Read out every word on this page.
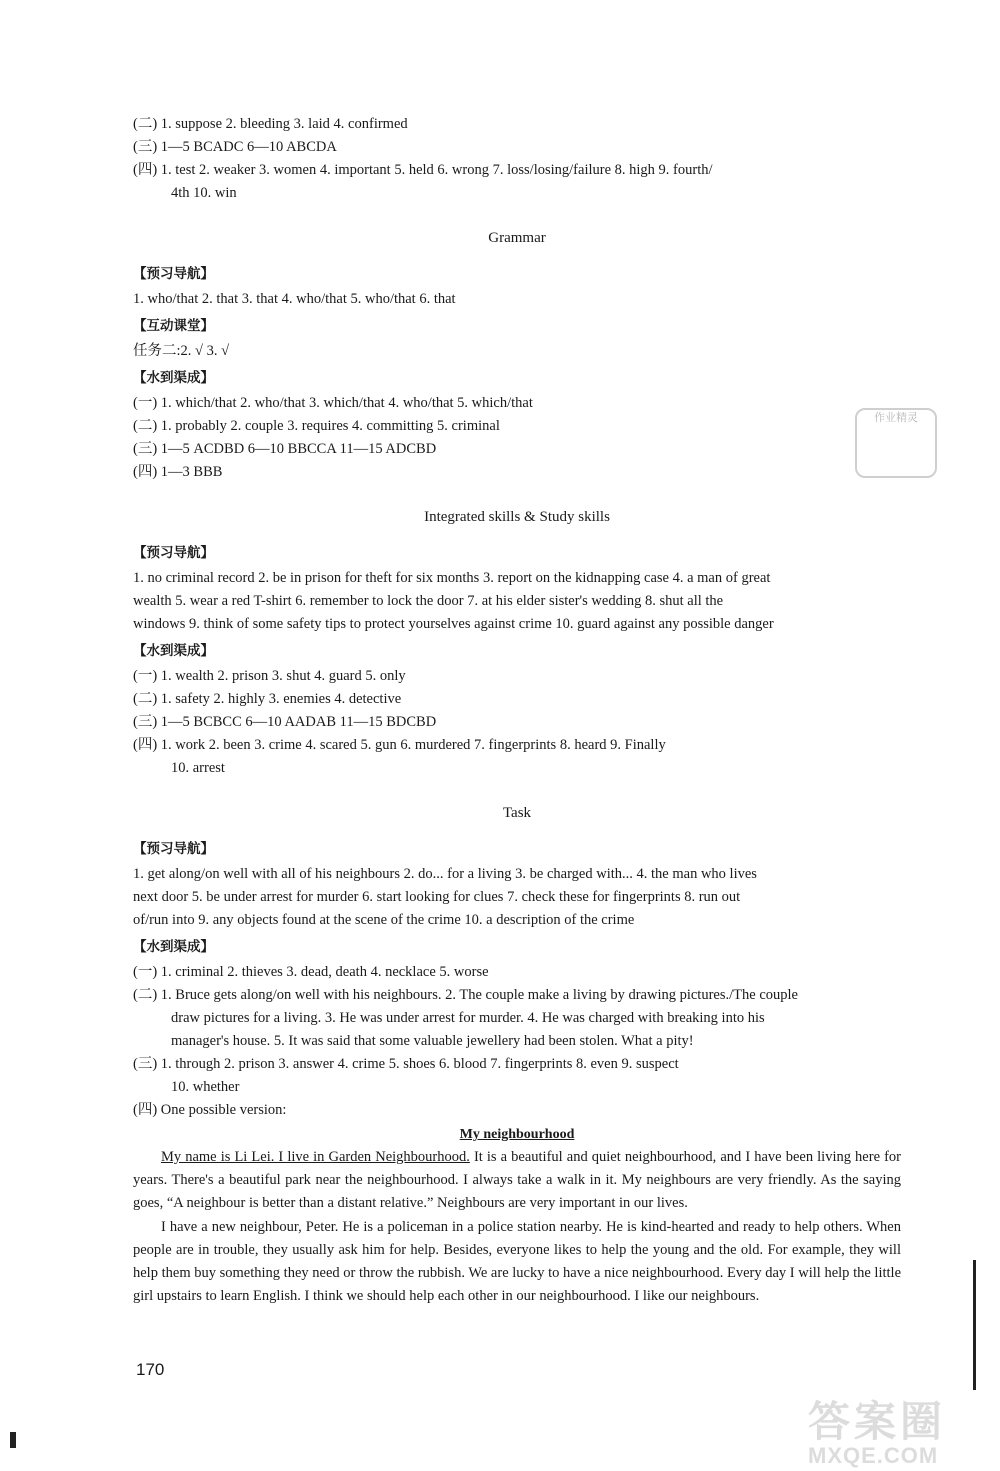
(二) 1. suppose 2. bleeding 3. laid 4. confirmed
(三) 1—5 BCADC 6—10 ABCDA
(四) 1. test 2. weaker 3. women 4. important 5. held 6. wrong 7. loss/losing/failure 8. high 9. fourth/
4th 10. win
Grammar
【预习导航】
1. who/that 2. that 3. that 4. who/that 5. who/that 6. that
【互动课堂】
任务二:2. √ 3. √
【水到渠成】
(一) 1. which/that 2. who/that 3. which/that 4. who/that 5. which/that
(二) 1. probably 2. couple 3. requires 4. committing 5. criminal
(三) 1—5 ACDBD 6—10 BBCCA 11—15 ADCBD
(四) 1—3 BBB
Integrated skills & Study skills
【预习导航】
1. no criminal record 2. be in prison for theft for six months 3. report on the kidnapping case 4. a man of great
wealth 5. wear a red T-shirt 6. remember to lock the door 7. at his elder sister's wedding 8. shut all the
windows 9. think of some safety tips to protect yourselves against crime 10. guard against any possible danger
【水到渠成】
(一) 1. wealth 2. prison 3. shut 4. guard 5. only
(二) 1. safety 2. highly 3. enemies 4. detective
(三) 1—5 BCBCC 6—10 AADAB 11—15 BDCBD
(四) 1. work 2. been 3. crime 4. scared 5. gun 6. murdered 7. fingerprints 8. heard 9. Finally
10. arrest
Task
【预习导航】
1. get along/on well with all of his neighbours 2. do... for a living 3. be charged with... 4. the man who lives
next door 5. be under arrest for murder 6. start looking for clues 7. check these for fingerprints 8. run out
of/run into 9. any objects found at the scene of the crime 10. a description of the crime
【水到渠成】
(一) 1. criminal 2. thieves 3. dead, death 4. necklace 5. worse
(二) 1. Bruce gets along/on well with his neighbours. 2. The couple make a living by drawing pictures./The couple
draw pictures for a living. 3. He was under arrest for murder. 4. He was charged with breaking into his
manager's house. 5. It was said that some valuable jewellery had been stolen. What a pity!
(三) 1. through 2. prison 3. answer 4. crime 5. shoes 6. blood 7. fingerprints 8. even 9. suspect
10. whether
(四) One possible version:
My neighbourhood
My name is Li Lei. I live in Garden Neighbourhood. It is a beautiful and quiet neighbourhood, and I have been living here for years. There's a beautiful park near the neighbourhood. I always take a walk in it. My neighbours are very friendly. As the saying goes, “A neighbour is better than a distant relative.” Neighbours are very important in our lives.
I have a new neighbour, Peter. He is a policeman in a police station nearby. He is kind-hearted and ready to help others. When people are in trouble, they usually ask him for help. Besides, everyone likes to help the young and the old. For example, they will help them buy something they need or throw the rubbish. We are lucky to have a nice neighbourhood. Every day I will help the little girl upstairs to learn English. I think we should help each other in our neighbourhood. I like our neighbours.
作业精灵
170
答案圈
MXQE.COM
